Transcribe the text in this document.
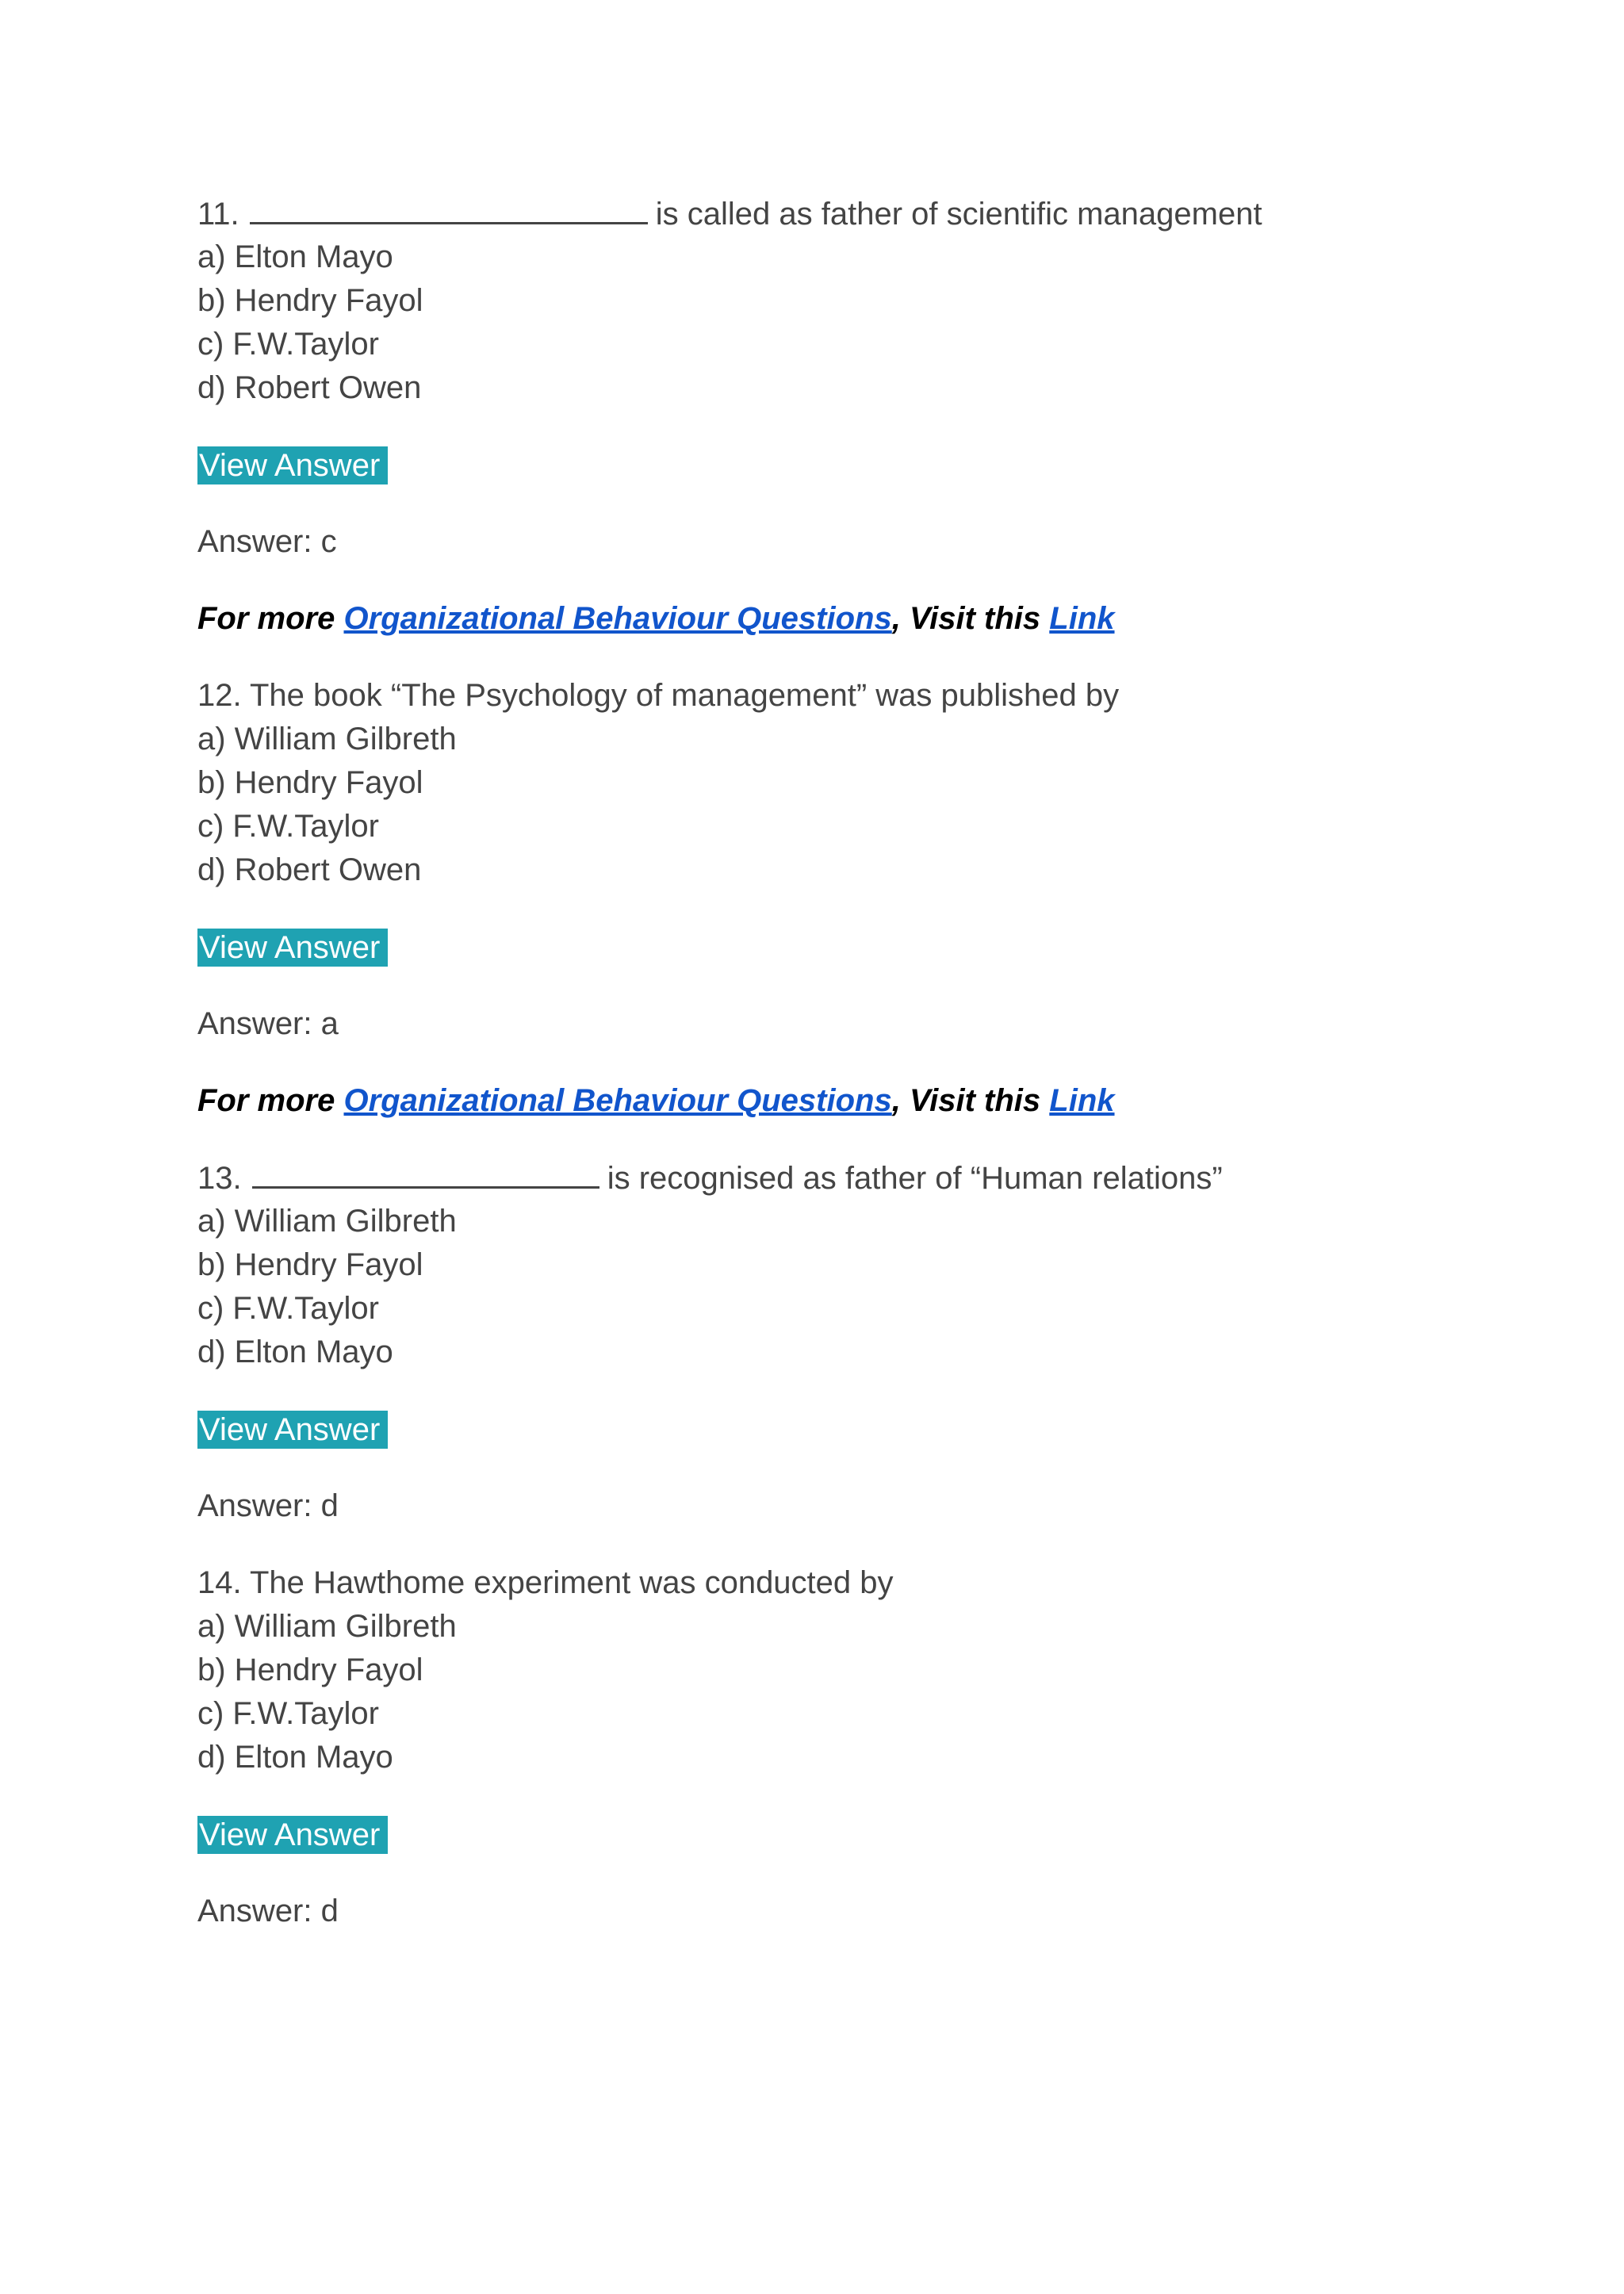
11.	is called as father of scientific management

a) Elton Mayo

b) Hendry Fayol

c) F.W.Taylor

d) Robert Owen

View Answer

Answer: c

For more Organizational Behaviour Questions, Visit this Link

12. The book “The Psychology of management” was published by

a) William Gilbreth

b) Hendry Fayol

c) F.W.Taylor

d) Robert Owen

View Answer

Answer: a

For more Organizational Behaviour Questions, Visit this Link

13.	is recognised as father of “Human relations”

a) William Gilbreth

b) Hendry Fayol

c) F.W.Taylor

d) Elton Mayo

View Answer

Answer: d

14. The Hawthome experiment was conducted by

a) William Gilbreth

b) Hendry Fayol

c) F.W.Taylor

d) Elton Mayo

View Answer

Answer: d
